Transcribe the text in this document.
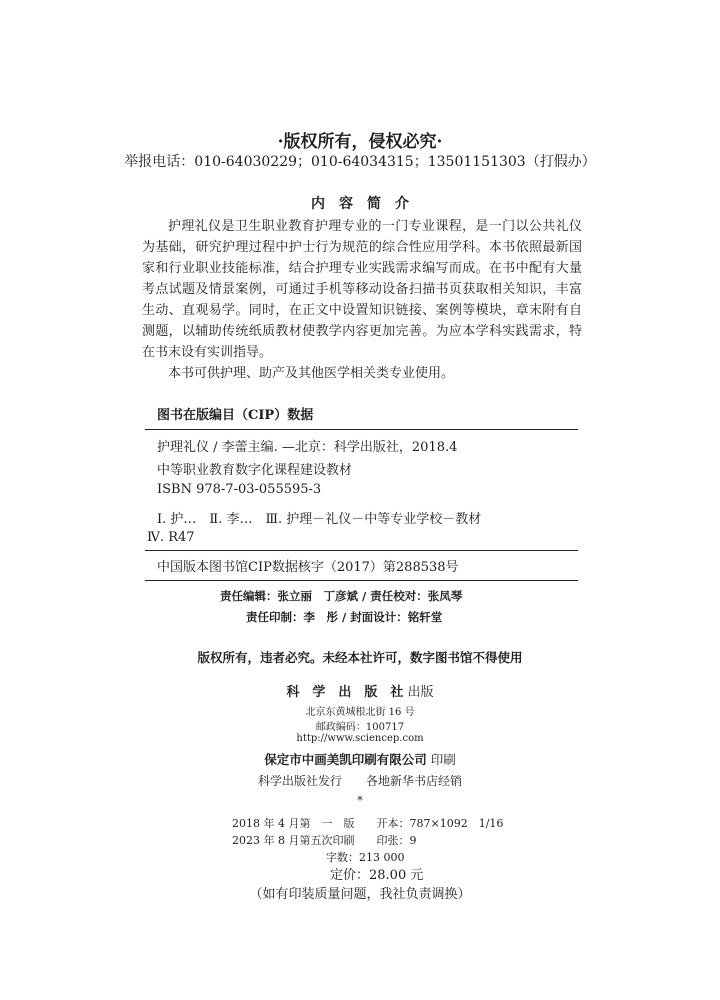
·版权所有，侵权必究·
举报电话：010-64030229；010-64034315；13501151303（打假办）
内　容　简　介

护理礼仪是卫生职业教育护理专业的一门专业课程，是一门以公共礼仪为基础，研究护理过程中护士行为规范的综合性应用学科。本书依照最新国家和行业职业技能标准，结合护理专业实践需求编写而成。在书中配有大量考点试题及情景案例，可通过手机等移动设备扫描书页获取相关知识，丰富生动、直观易学。同时，在正文中设置知识链接、案例等模块，章末附有自测题，以辅助传统纸质教材使教学内容更加完善。为应本学科实践需求，特在书末设有实训指导。

本书可供护理、助产及其他医学相关类专业使用。

图书在版编目（CIP）数据
护理礼仪 / 李蕾主编. —北京：科学出版社，2018.4
中等职业教育数字化课程建设教材
ISBN 978-7-03-055595-3
Ⅰ. 护…　Ⅱ. 李…　Ⅲ. 护理－礼仪－中等专业学校－教材
Ⅳ. R47
中国版本图书馆CIP数据核字（2017）第288538号
责任编辑：张立丽　丁彦斌 / 责任校对：张凤琴
责任印制：李　彤 / 封面设计：铭轩堂
版权所有，违者必究。未经本社许可，数字图书馆不得使用
科　学　出　版　社 出版
北京东黄城根北街 16 号
邮政编码：100717
http://www.sciencep.com
保定市中画美凯印刷有限公司 印刷
科学出版社发行　　各地新华书店经销
*
2018 年 4 月第　一　版　　开本：787×1092　1/16
2023 年 8 月第五次印刷　　印张：9
字数：213 000
定价：28.00 元
（如有印装质量问题，我社负责调换）
